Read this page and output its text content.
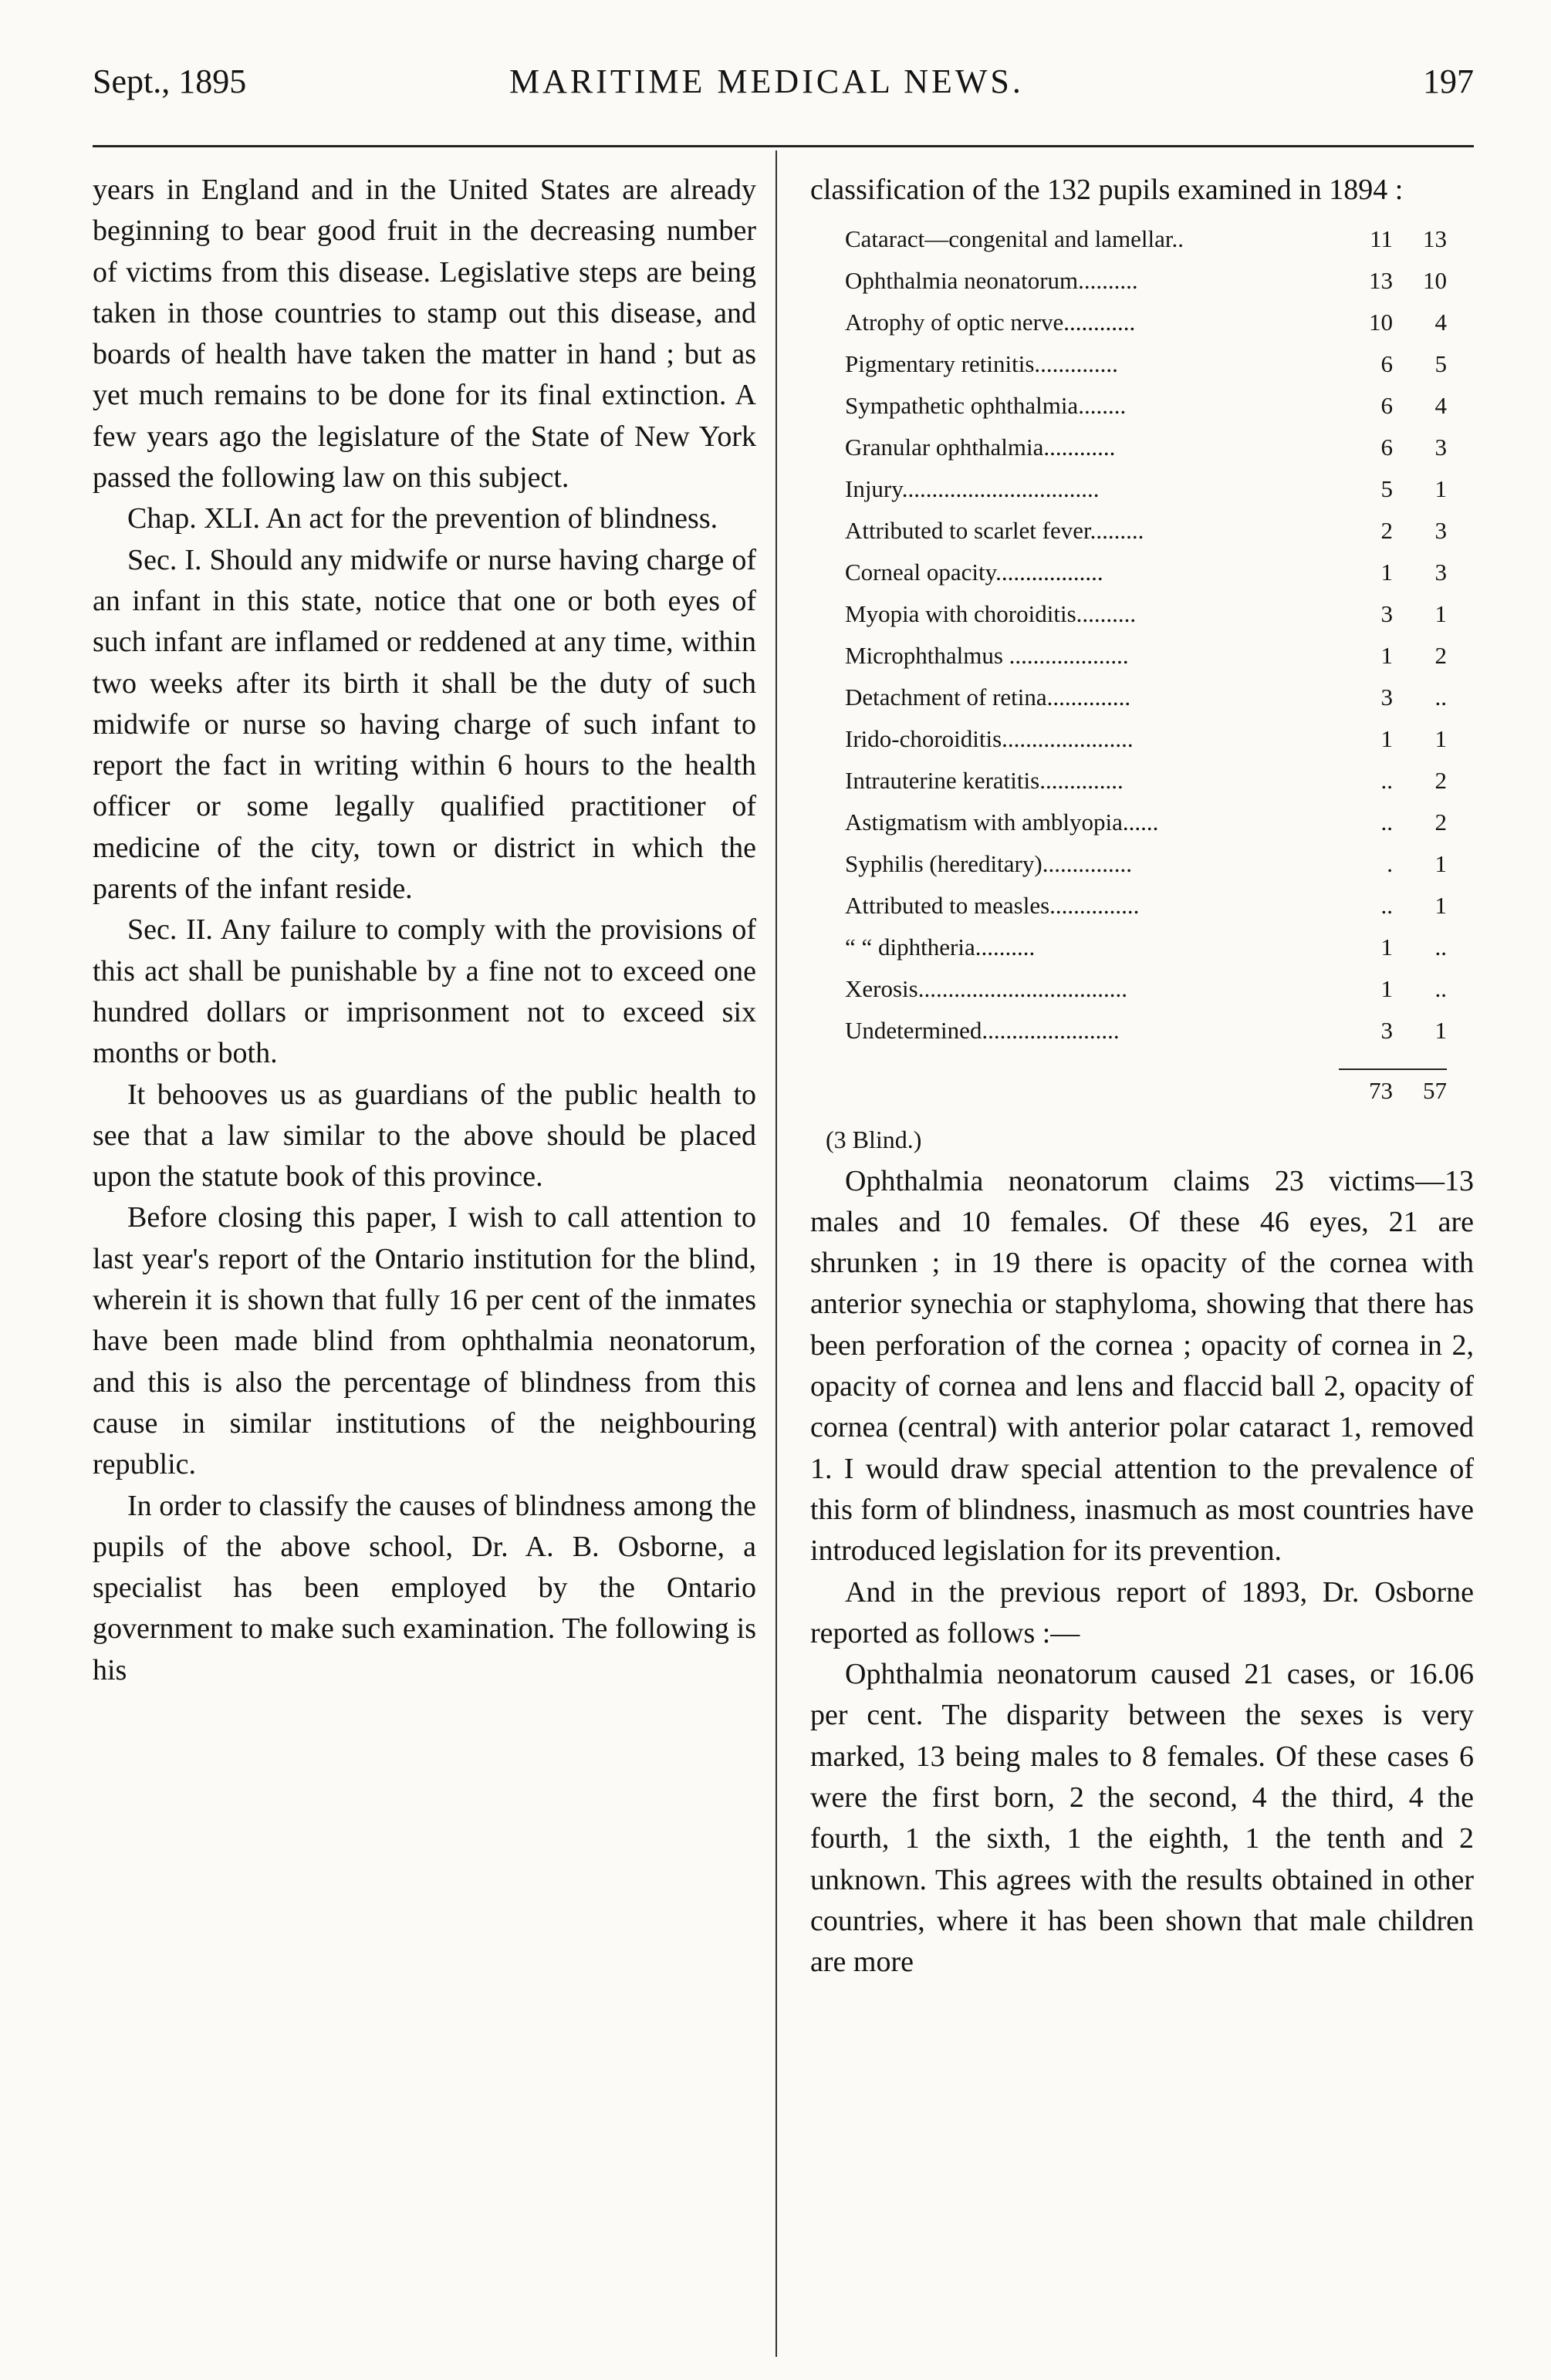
Sept., 1895	MARITIME MEDICAL NEWS.	197

years in England and in the United States are already beginning to bear good fruit in the decreasing number of victims from this disease. Legislative steps are being taken in those countries to stamp out this disease, and boards of health have taken the matter in hand ; but as yet much remains to be done for its final extinction. A few years ago the legislature of the State of New York passed the following law on this subject.

Chap. XLI. An act for the prevention of blindness.

Sec. I. Should any midwife or nurse having charge of an infant in this state, notice that one or both eyes of such infant are inflamed or reddened at any time, within two weeks after its birth it shall be the duty of such midwife or nurse so having charge of such infant to report the fact in writing within 6 hours to the health officer or some legally qualified practitioner of medicine of the city, town or district in which the parents of the infant reside.

Sec. II. Any failure to comply with the provisions of this act shall be punishable by a fine not to exceed one hundred dollars or imprisonment not to exceed six months or both.

It behooves us as guardians of the public health to see that a law similar to the above should be placed upon the statute book of this province.

Before closing this paper, I wish to call attention to last year's report of the Ontario institution for the blind, wherein it is shown that fully 16 per cent of the inmates have been made blind from ophthalmia neonatorum, and this is also the percentage of blindness from this cause in similar institutions of the neighbouring republic.

In order to classify the causes of blindness among the pupils of the above school, Dr. A. B. Osborne, a specialist has been employed by the Ontario government to make such examination. The following is his

classification of the 132 pupils examined in 1894 :

Cataract—congenital and lamellar..	11	13
Ophthalmia neonatorum..........	13	10
Atrophy of optic nerve............	10	4
Pigmentary retinitis..............	6	5
Sympathetic ophthalmia........	6	4
Granular ophthalmia............	6	3
Injury.................................	5	1
Attributed to scarlet fever.........	2	3
Corneal opacity..................	1	3
Myopia with choroiditis..........	3	1
Microphthalmus ....................	1	2
Detachment of retina..............	3	..
Irido-choroiditis......................	1	1
Intrauterine keratitis..............	..	2
Astigmatism with amblyopia......	..	2
Syphilis (hereditary)...............	.	1
Attributed to measles...............	..	1
“ “ diphtheria..........	1	..
Xerosis...................................	1	..
Undetermined.......................	3	1

	73	57
(3 Blind.)

Ophthalmia neonatorum claims 23 victims—13 males and 10 females. Of these 46 eyes, 21 are shrunken ; in 19 there is opacity of the cornea with anterior synechia or staphyloma, showing that there has been perforation of the cornea ; opacity of cornea in 2, opacity of cornea and lens and flaccid ball 2, opacity of cornea (central) with anterior polar cataract 1, removed 1. I would draw special attention to the prevalence of this form of blindness, inasmuch as most countries have introduced legislation for its prevention.

And in the previous report of 1893, Dr. Osborne reported as follows :—

Ophthalmia neonatorum caused 21 cases, or 16.06 per cent. The disparity between the sexes is very marked, 13 being males to 8 females. Of these cases 6 were the first born, 2 the second, 4 the third, 4 the fourth, 1 the sixth, 1 the eighth, 1 the tenth and 2 unknown. This agrees with the results obtained in other countries, where it has been shown that male children are more
